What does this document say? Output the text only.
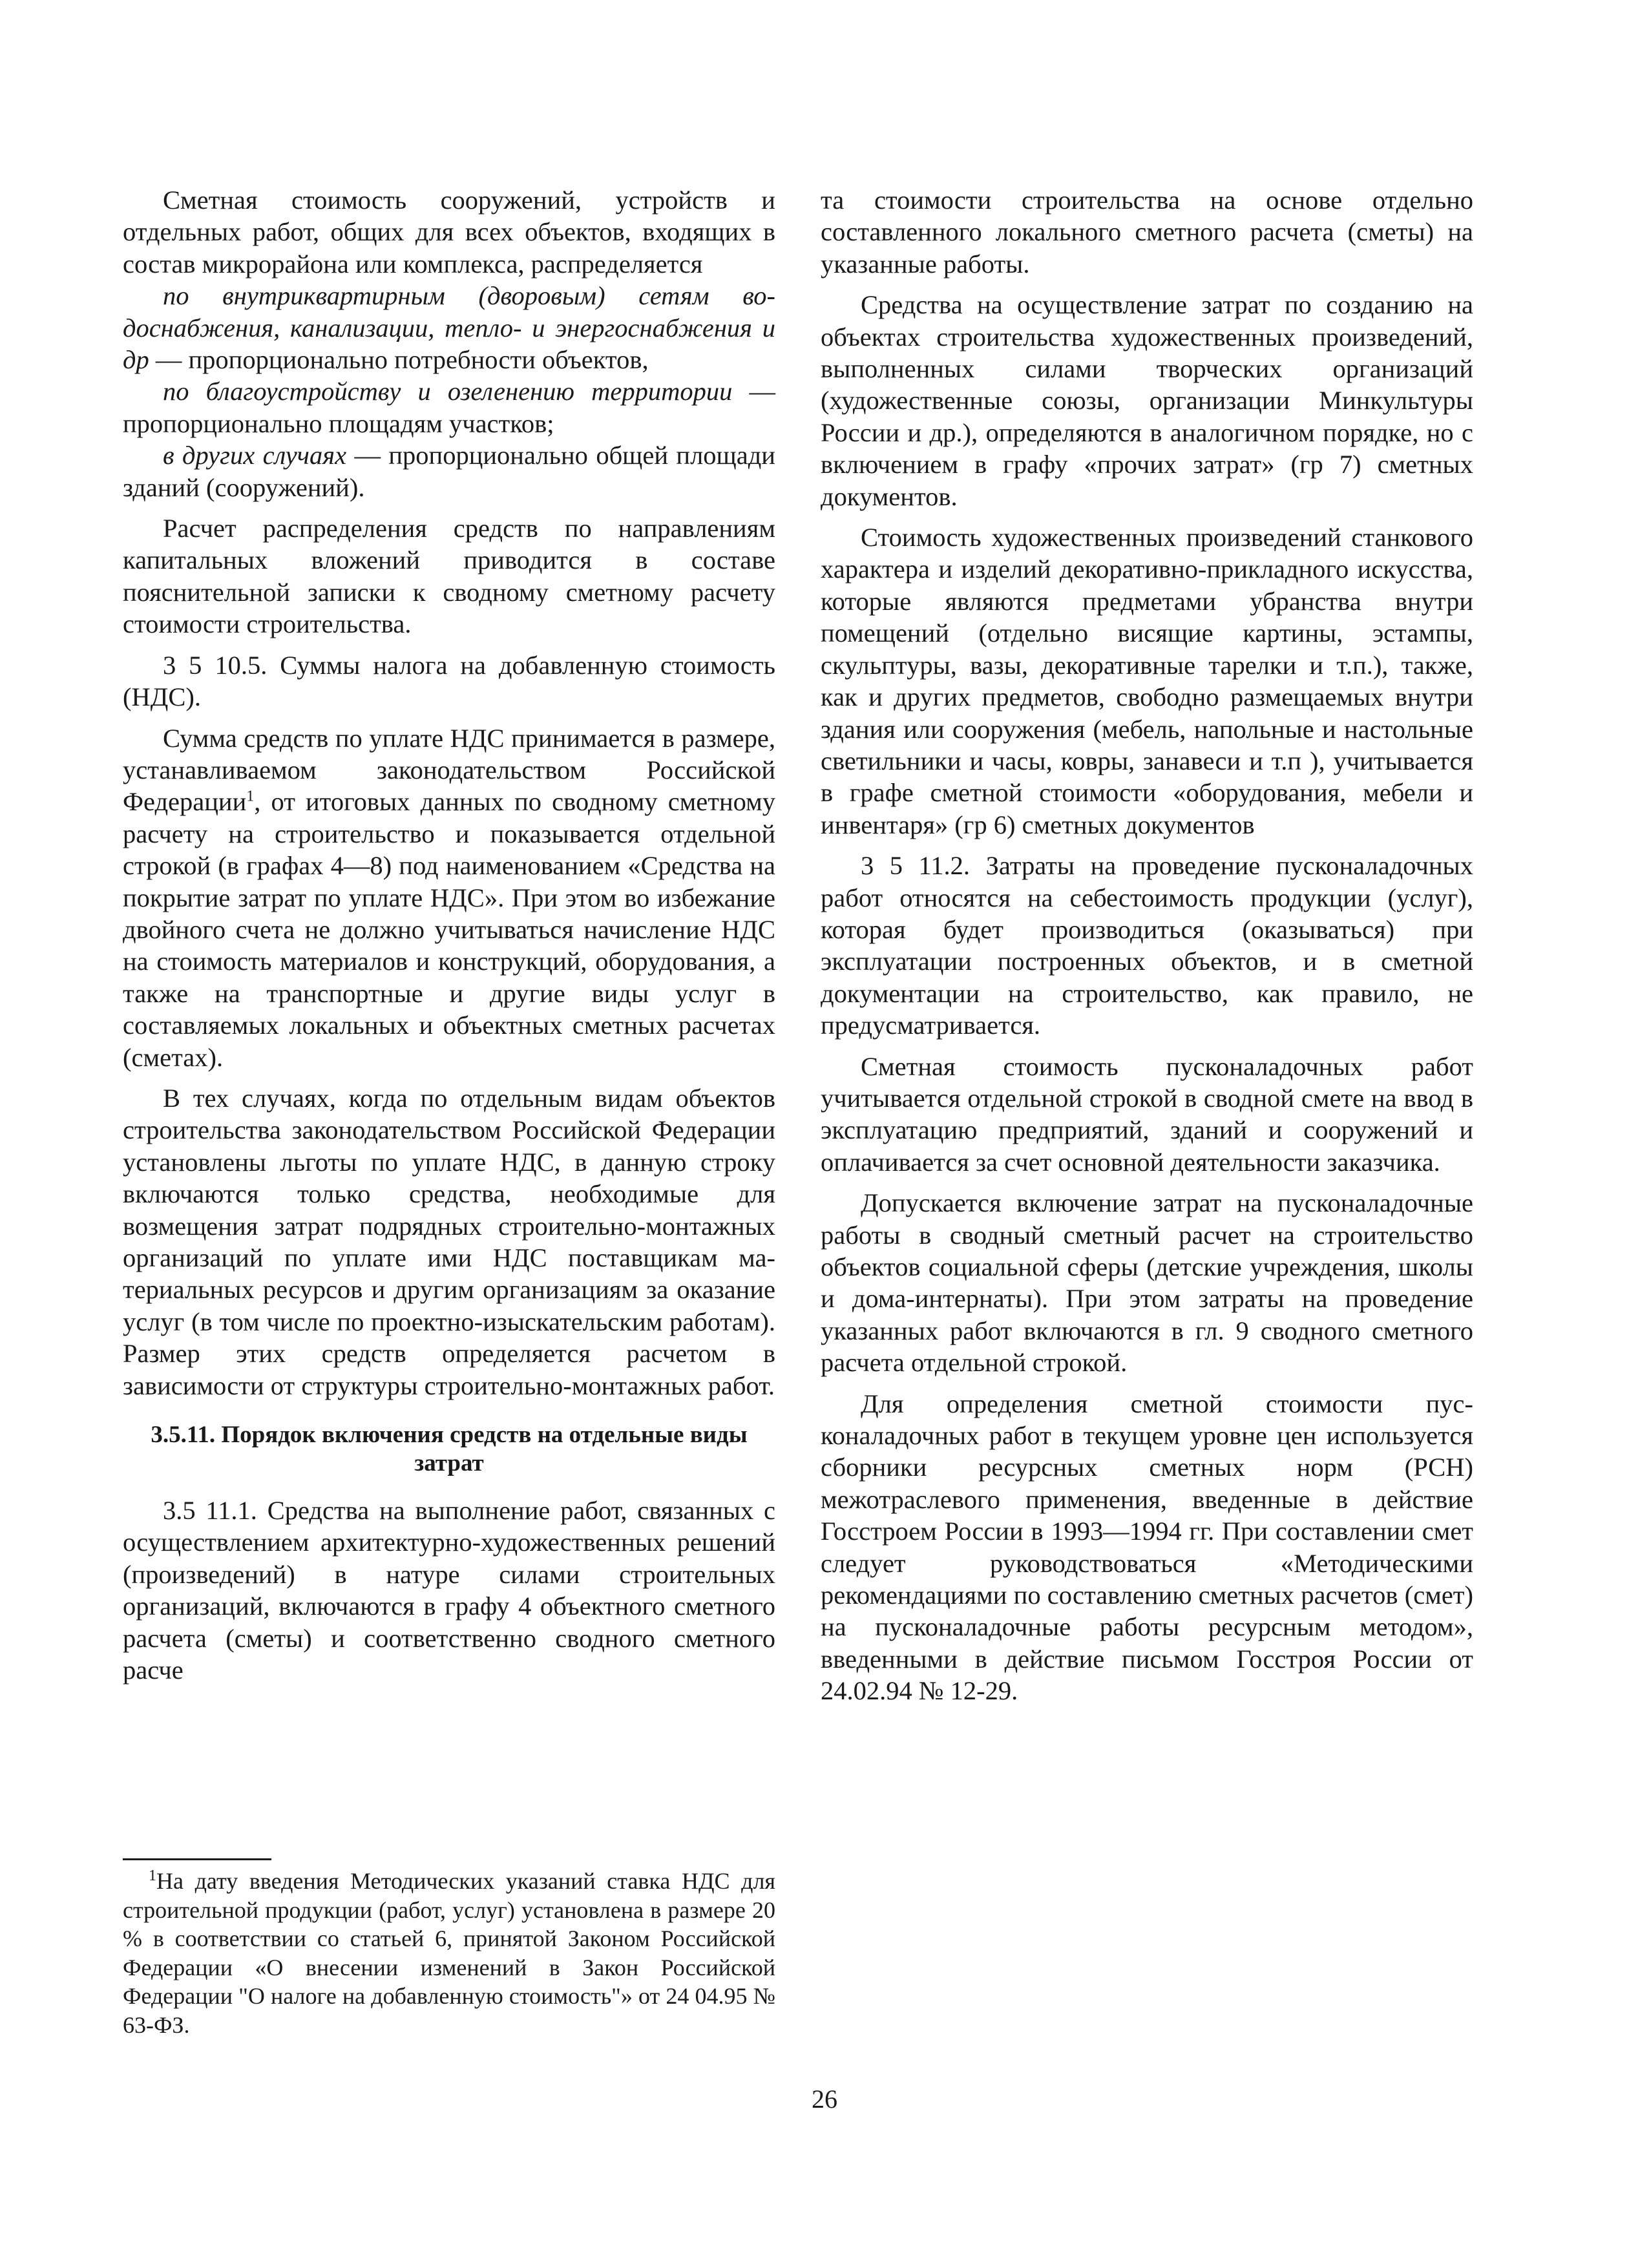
Сметная стоимость сооружений, устройств и отдельных работ, общих для всех объектов, входящих в состав микрорайона или комплекса, распределяется

по внутриквартирным (дворовым) сетям водоснабжения, канализации, тепло- и энергоснабжения и др — пропорционально потребности объектов,

по благоустройству и озеленению территории — пропорционально площадям участков;

в других случаях — пропорционально общей площади зданий (сооружений).

Расчет распределения средств по направлениям капитальных вложений приводится в составе пояснительной записки к сводному сметному расчету стоимости строительства.

3 5 10.5. Суммы налога на добавленную стоимость (НДС).

Сумма средств по уплате НДС принимается в размере, устанавливаемом законодательством Российской Федерации$^1$, от итоговых данных по сводному сметному расчету на строительство и показывается отдельной строкой (в графах 4—8) под наименованием «Средства на покрытие затрат по уплате НДС». При этом во избежание двойного счета не должно учитываться начисление НДС на стоимость материалов и конструкций, оборудования, а также на транспортные и другие виды услуг в составляемых локальных и объектных сметных расчетах (сметах).

В тех случаях, когда по отдельным видам объектов строительства законодательством Российской Федерации установлены льготы по уплате НДС, в данную строку включаются только средства, необходимые для возмещения затрат подрядных строительно-монтажных организаций по уплате ими НДС поставщикам материальных ресурсов и другим организациям за оказание услуг (в том числе по проектно-изыскательским работам). Размер этих средств определяется расчетом в зависимости от структуры строительно-монтажных работ.

3.5.11. Порядок включения средств на отдельные виды затрат

3.5 11.1. Средства на выполнение работ, связанных с осуществлением архитектурно-художественных решений (произведений) в натуре силами строительных организаций, включаются в графу 4 объектного сметного расчета (сметы) и соответственно сводного сметного расче

та стоимости строительства на основе отдельно составленного локального сметного расчета (сметы) на указанные работы.

Средства на осуществление затрат по созданию на объектах строительства художественных произведений, выполненных силами творческих организаций (художественные союзы, организации Минкультуры России и др.), определяются в аналогичном порядке, но с включением в графу «прочих затрат» (гр 7) сметных документов.

Стоимость художественных произведений станкового характера и изделий декоративно-прикладного искусства, которые являются предметами убранства внутри помещений (отдельно висящие картины, эстампы, скульптуры, вазы, декоративные тарелки и т.п.), также, как и других предметов, свободно размещаемых внутри здания или сооружения (мебель, напольные и настольные светильники и часы, ковры, занавеси и т.п ), учитывается в графе сметной стоимости «оборудования, мебели и инвентаря» (гр 6) сметных документов

3 5 11.2. Затраты на проведение пусконаладочных работ относятся на себестоимость продукции (услуг), которая будет производиться (оказываться) при эксплуатации построенных объектов, и в сметной документации на строительство, как правило, не предусматривается.

Сметная стоимость пусконаладочных работ учитывается отдельной строкой в сводной смете на ввод в эксплуатацию предприятий, зданий и сооружений и оплачивается за счет основной деятельности заказчика.

Допускается включение затрат на пусконаладочные работы в сводный сметный расчет на строительство объектов социальной сферы (детские учреждения, школы и дома-интернаты). При этом затраты на проведение указанных работ включаются в гл. 9 сводного сметного расчета отдельной строкой.

Для определения сметной стоимости пусконаладочных работ в текущем уровне цен используется сборники ресурсных сметных норм (РСН) межотраслевого применения, введенные в действие Госстроем России в 1993—1994 гг. При составлении смет следует руководствоваться «Методическими рекомендациями по составлению сметных расчетов (смет) на пусконаладочные работы ресурсным методом», введенными в действие письмом Госстроя России от 24.02.94 № 12-29.

$^1$На дату введения Методических указаний ставка НДС для строительной продукции (работ, услуг) установлена в размере 20 % в соответствии со статьей 6, принятой Законом Российской Федерации «О внесении изменений в Закон Российской Федерации "О налоге на добавленную стоимость"» от 24 04.95 № 63-ФЗ.

26
